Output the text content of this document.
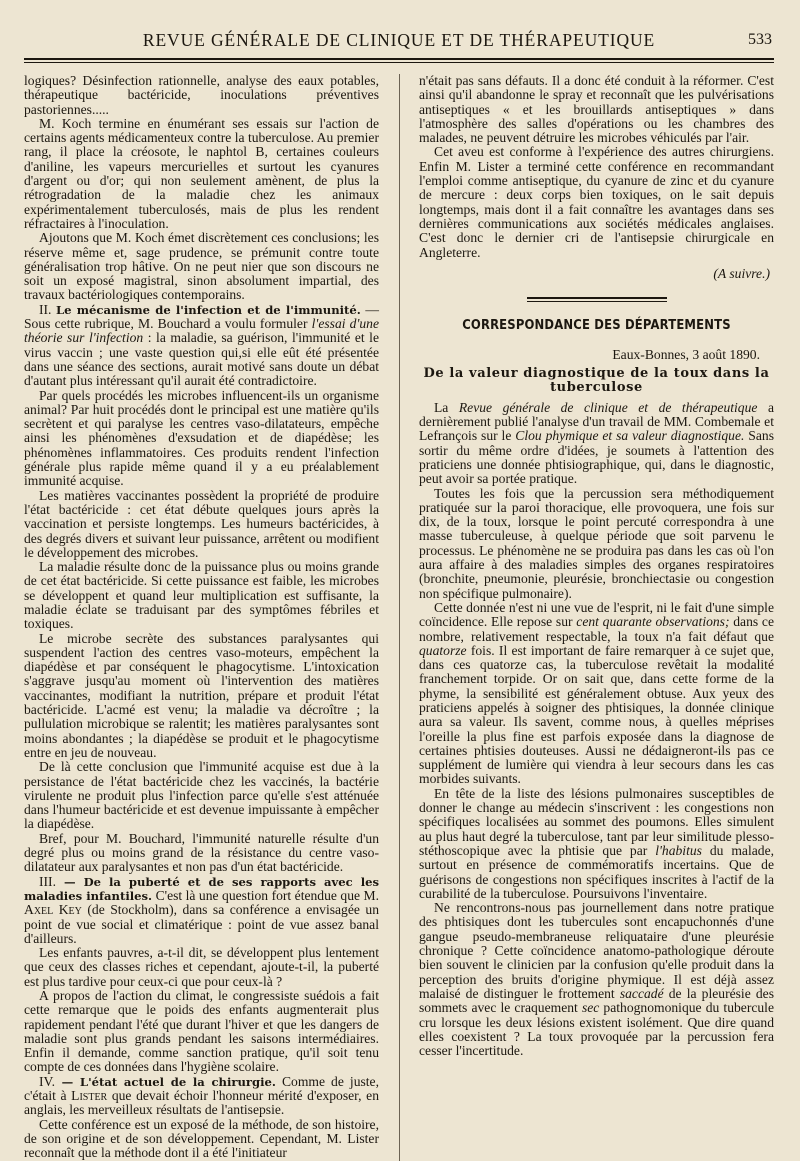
REVUE GÉNÉRALE DE CLINIQUE ET DE THÉRAPEUTIQUE	533

logiques? Désinfection rationnelle, analyse des eaux potables, thérapeutique bactéricide, inoculations préventives pastoriennes.....

M. Koch termine en énumérant ses essais sur l'action de certains agents médicamenteux contre la tuberculose. Au premier rang, il place la créosote, le naphtol B, certaines couleurs d'aniline, les vapeurs mercurielles et surtout les cyanures d'argent ou d'or; qui non seulement amènent, de plus la rétrogradation de la maladie chez les animaux expérimentalement tuberculosés, mais de plus les rendent réfractaires à l'inoculation.

Ajoutons que M. Koch émet discrètement ces conclusions; les réserve même et, sage prudence, se prémunit contre toute généralisation trop hâtive. On ne peut nier que son discours ne soit un exposé magistral, sinon absolument impartial, des travaux bactériologiques contemporains.

II. Le mécanisme de l'infection et de l'immunité. — Sous cette rubrique, M. Bouchard a voulu formuler l'essai d'une théorie sur l'infection : la maladie, sa guérison, l'immunité et le virus vaccin ; une vaste question qui,si elle eût été présentée dans une séance des sections, aurait motivé sans doute un débat d'autant plus intéressant qu'il aurait été contradictoire.

Par quels procédés les microbes influencent-ils un organisme animal? Par huit procédés dont le principal est une matière qu'ils secrètent et qui paralyse les centres vaso-dilatateurs, empêche ainsi les phénomènes d'exsudation et de diapédèse; les phénomènes inflammatoires. Ces produits rendent l'infection générale plus rapide même quand il y a eu préalablement immunité acquise.

Les matières vaccinantes possèdent la propriété de produire l'état bactéricide : cet état débute quelques jours après la vaccination et persiste longtemps. Les humeurs bactéricides, à des degrés divers et suivant leur puissance, arrêtent ou modifient le développement des microbes.

La maladie résulte donc de la puissance plus ou moins grande de cet état bactéricide. Si cette puissance est faible, les microbes se développent et quand leur multiplication est suffisante, la maladie éclate se traduisant par des symptômes fébriles et toxiques.

Le microbe secrète des substances paralysantes qui suspendent l'action des centres vaso-moteurs, empêchent la diapédèse et par conséquent le phagocytisme. L'intoxication s'aggrave jusqu'au moment où l'intervention des matières vaccinantes, modifiant la nutrition, prépare et produit l'état bactéricide. L'acmé est venu; la maladie va décroître ; la pullulation microbique se ralentit; les matières paralysantes sont moins abondantes ; la diapédèse se produit et le phagocytisme entre en jeu de nouveau.

De là cette conclusion que l'immunité acquise est due à la persistance de l'état bactéricide chez les vaccinés, la bactérie virulente ne produit plus l'infection parce qu'elle s'est atténuée dans l'humeur bactéricide et est devenue impuissante à empêcher la diapédèse.

Bref, pour M. Bouchard, l'immunité naturelle résulte d'un degré plus ou moins grand de la résistance du centre vaso-dilatateur aux paralysantes et non pas d'un état bactéricide.

III. — De la puberté et de ses rapports avec les maladies infantiles. C'est là une question fort étendue que M. Axel Key (de Stockholm), dans sa conférence a envisagée un point de vue social et climatérique : point de vue assez banal d'ailleurs.

Les enfants pauvres, a-t-il dit, se développent plus lentement que ceux des classes riches et cependant, ajoute-t-il, la puberté est plus tardive pour ceux-ci que pour ceux-là ?

A propos de l'action du climat, le congressiste suédois a fait cette remarque que le poids des enfants augmenterait plus rapidement pendant l'été que durant l'hiver et que les dangers de maladie sont plus grands pendant les saisons intermédiaires. Enfin il demande, comme sanction pratique, qu'il soit tenu compte de ces données dans l'hygiène scolaire.

IV. — L'état actuel de la chirurgie. Comme de juste, c'était à Lister que devait échoir l'honneur mérité d'exposer, en anglais, les merveilleux résultats de l'antisepsie.

Cette conférence est un exposé de la méthode, de son histoire, de son origine et de son développement. Cependant, M. Lister reconnaît que la méthode dont il a été l'initiateur

n'était pas sans défauts. Il a donc été conduit à la réformer. C'est ainsi qu'il abandonne le spray et reconnaît que les pulvérisations antiseptiques « et les brouillards antiseptiques » dans l'atmosphère des salles d'opérations ou les chambres des malades, ne peuvent détruire les microbes véhiculés par l'air.

Cet aveu est conforme à l'expérience des autres chirurgiens. Enfin M. Lister a terminé cette conférence en recommandant l'emploi comme antiseptique, du cyanure de zinc et du cyanure de mercure : deux corps bien toxiques, on le sait depuis longtemps, mais dont il a fait connaître les avantages dans ses dernières communications aux sociétés médicales anglaises. C'est donc le dernier cri de l'antisepsie chirurgicale en Angleterre.

(A suivre.)
CORRESPONDANCE DES DÉPARTEMENTS
Eaux-Bonnes, 3 août 1890.
De la valeur diagnostique de la toux dans la tuberculose

La Revue générale de clinique et de thérapeutique a dernièrement publié l'analyse d'un travail de MM. Combemale et Lefrançois sur le Clou phymique et sa valeur diagnostique. Sans sortir du même ordre d'idées, je soumets à l'attention des praticiens une donnée phtisiographique, qui, dans le diagnostic, peut avoir sa portée pratique.

Toutes les fois que la percussion sera méthodiquement pratiquée sur la paroi thoracique, elle provoquera, une fois sur dix, de la toux, lorsque le point percuté correspondra à une masse tuberculeuse, à quelque période que soit parvenu le processus. Le phénomène ne se produira pas dans les cas où l'on aura affaire à des maladies simples des organes respiratoires (bronchite, pneumonie, pleurésie, bronchiectasie ou congestion non spécifique pulmonaire).

Cette donnée n'est ni une vue de l'esprit, ni le fait d'une simple coïncidence. Elle repose sur cent quarante observations; dans ce nombre, relativement respectable, la toux n'a fait défaut que quatorze fois. Il est important de faire remarquer à ce sujet que, dans ces quatorze cas, la tuberculose revêtait la modalité franchement torpide. Or on sait que, dans cette forme de la phyme, la sensibilité est généralement obtuse. Aux yeux des praticiens appelés à soigner des phtisiques, la donnée clinique aura sa valeur. Ils savent, comme nous, à quelles méprises l'oreille la plus fine est parfois exposée dans la diagnose de certaines phtisies douteuses. Aussi ne dédaigneront-ils pas ce supplément de lumière qui viendra à leur secours dans les cas morbides suivants.

En tête de la liste des lésions pulmonaires susceptibles de donner le change au médecin s'inscrivent : les congestions non spécifiques localisées au sommet des poumons. Elles simulent au plus haut degré la tuberculose, tant par leur similitude plesso-stéthoscopique avec la phtisie que par l'habitus du malade, surtout en présence de commémoratifs incertains. Que de guérisons de congestions non spécifiques inscrites à l'actif de la curabilité de la tuberculose. Poursuivons l'inventaire.

Ne rencontrons-nous pas journellement dans notre pratique des phtisiques dont les tubercules sont encapuchonnés d'une gangue pseudo-membraneuse reliquataire d'une pleurésie chronique ? Cette coïncidence anatomo-pathologique déroute bien souvent le clinicien par la confusion qu'elle produit dans la perception des bruits d'origine phymique. Il est déjà assez malaisé de distinguer le frottement saccadé de la pleurésie des sommets avec le craquement sec pathognomonique du tubercule cru lorsque les deux lésions existent isolément. Que dire quand elles coexistent ? La toux provoquée par la percussion fera cesser l'incertitude.
